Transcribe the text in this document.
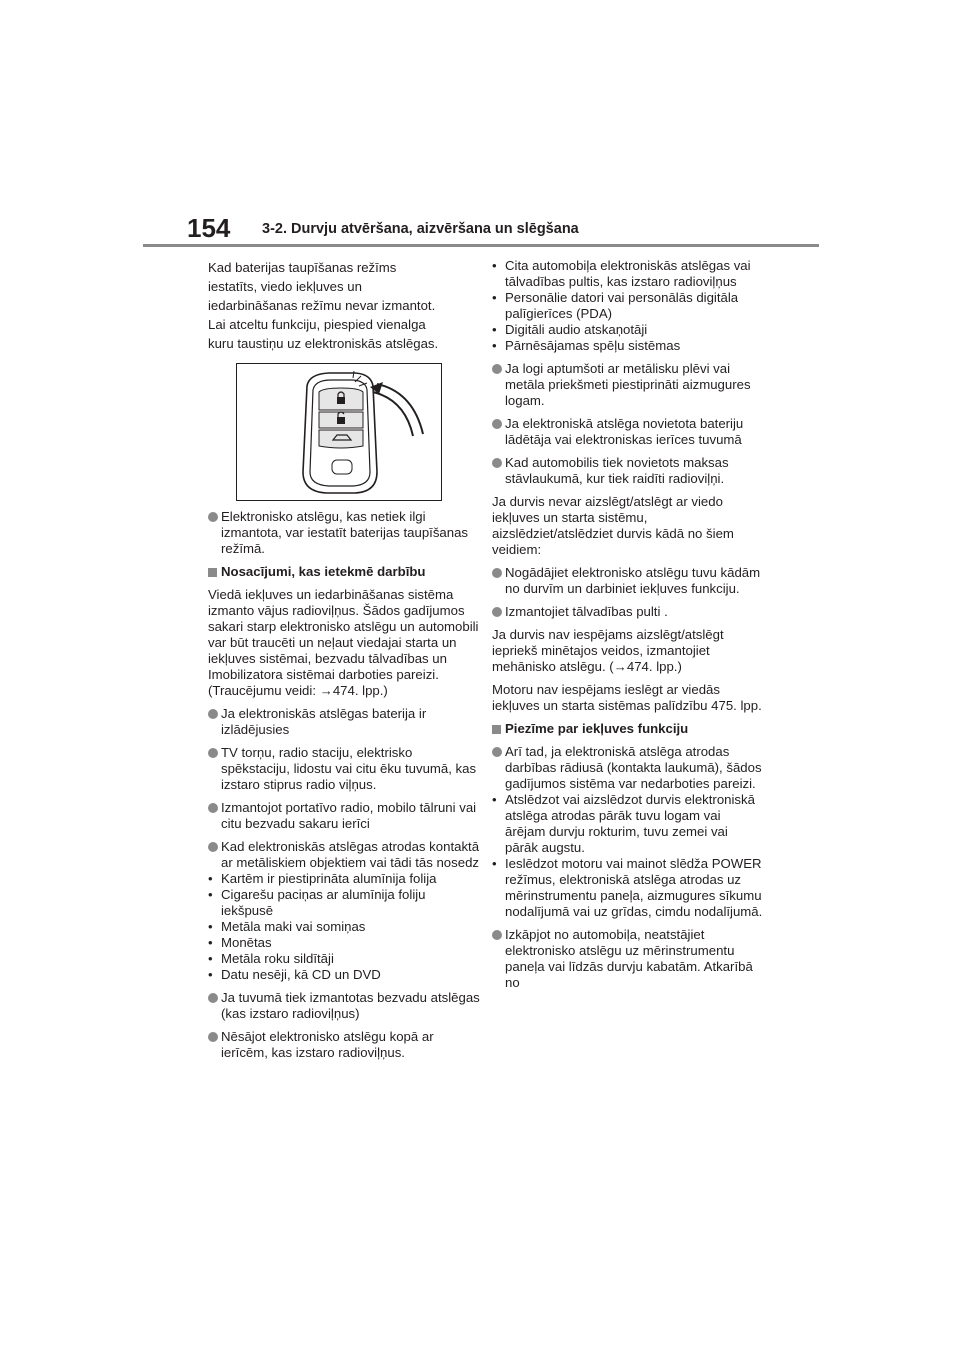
154 3-2. Durvju atvēršana, aizvēršana un slēgšana
Kad baterijas taupīšanas režīms
iestatīts, viedo iekļuves un
iedarbināšanas režīmu nevar izmantot.
Lai atceltu funkciju, piespied vienalga
kuru taustiņu uz elektroniskās atslēgas.
Elektronisko atslēgu, kas netiek ilgi izmantota, var iestatīt baterijas taupīšanas režīmā.
Nosacījumi, kas ietekmē darbību
Viedā iekļuves un iedarbināšanas sistēma izmanto vājus radioviļņus. Šādos gadījumos sakari starp elektronisko atslēgu un automobili var būt traucēti un neļaut viedajai starta un iekļuves sistēmai, bezvadu tālvadības un Imobilizatora sistēmai darboties pareizi. (Traucējumu veidi: →474. lpp.)
Ja elektroniskās atslēgas baterija ir izlādējusies
TV torņu, radio staciju, elektrisko spēkstaciju, lidostu vai citu ēku tuvumā, kas izstaro stiprus radio viļņus.
Izmantojot portatīvo radio, mobilo tālruni vai citu bezvadu sakaru ierīci
Kad elektroniskās atslēgas atrodas kontaktā ar metāliskiem objektiem vai tādi tās nosedz
• Kartēm ir piestiprināta alumīnija folija
• Cigarešu paciņas ar alumīnija foliju iekšpusē
• Metāla maki vai somiņas
• Monētas
• Metāla roku sildītāji
• Datu nesēji, kā CD un DVD
Ja tuvumā tiek izmantotas bezvadu atslēgas (kas izstaro radioviļņus)
Nēsājot elektronisko atslēgu kopā ar ierīcēm, kas izstaro radioviļņus.
• Cita automobiļa elektroniskās atslēgas vai tālvadības pultis, kas izstaro radioviļņus
• Personālie datori vai personālās digitāla palīgierīces (PDA)
• Digitāli audio atskaņotāji
• Pārnēsājamas spēļu sistēmas
Ja logi aptumšoti ar metālisku plēvi vai metāla priekšmeti piestiprināti aizmugures logam.
Ja elektroniskā atslēga novietota bateriju lādētāja vai elektroniskas ierīces tuvumā
Kad automobilis tiek novietots maksas stāvlaukumā, kur tiek raidīti radioviļņi.
Ja durvis nevar aizslēgt/atslēgt ar viedo iekļuves un starta sistēmu, aizslēdziet/atslēdziet durvis kādā no šiem veidiem:
Nogādājiet elektronisko atslēgu tuvu kādām no durvīm un darbiniet iekļuves funkciju.
Izmantojiet tālvadības pulti .
Ja durvis nav iespējams aizslēgt/atslēgt iepriekš minētajos veidos, izmantojiet mehānisko atslēgu. (→474. lpp.)
Motoru nav iespējams ieslēgt ar viedās iekļuves un starta sistēmas palīdzību 475. lpp.
Piezīme par iekļuves funkciju
Arī tad, ja elektroniskā atslēga atrodas darbības rādiusā (kontakta laukumā), šādos gadījumos sistēma var nedarboties pareizi.
• Atslēdzot vai aizslēdzot durvis elektroniskā atslēga atrodas pārāk tuvu logam vai ārējam durvju rokturim, tuvu zemei vai pārāk augstu.
• Ieslēdzot motoru vai mainot slēdža POWER režīmus, elektroniskā atslēga atrodas uz mērinstrumentu paneļa, aizmugures sīkumu nodalījumā vai uz grīdas, cimdu nodalījumā.
Izkāpjot no automobiļa, neatstājiet elektronisko atslēgu uz mērinstrumentu paneļa vai līdzās durvju kabatām. Atkarībā no
